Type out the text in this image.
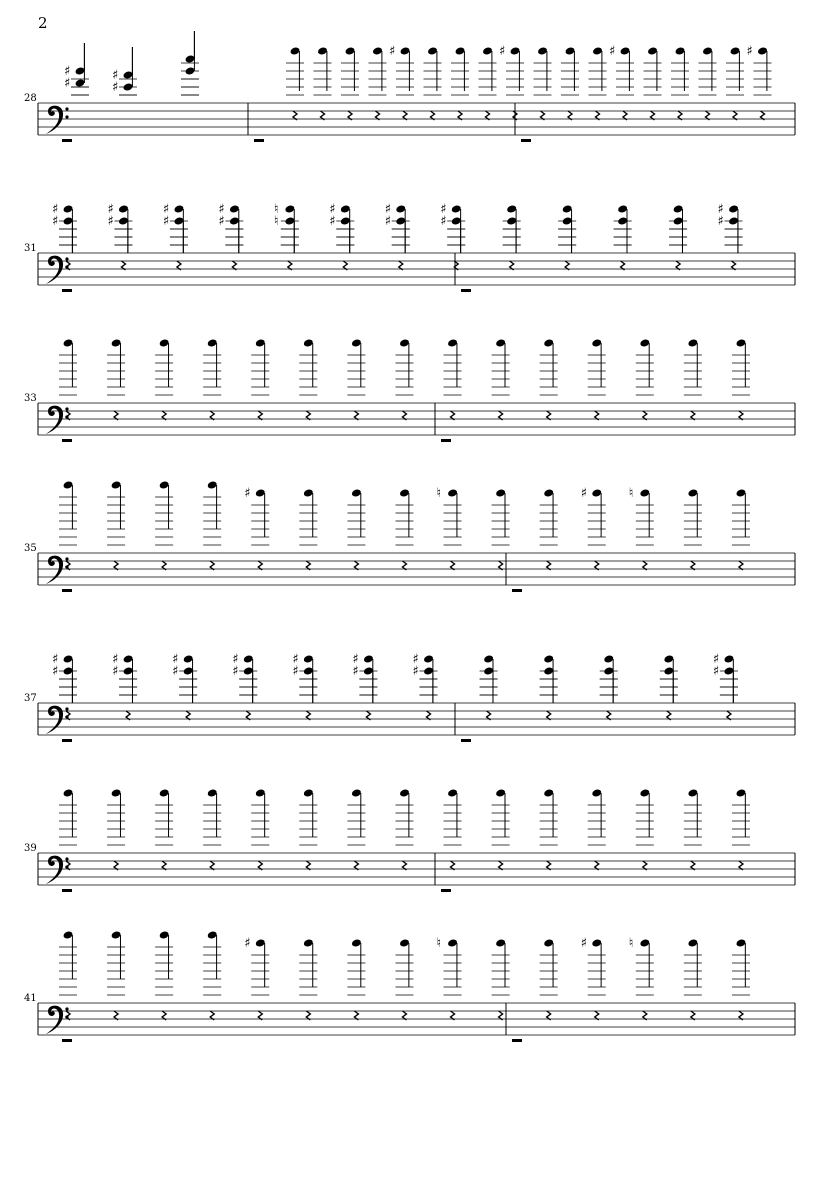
2
28
♯
♯
♯
♯
♯	♯	♯	♯
31
♯
♯
♯
♯
♯
♯
♯
♯
♮
♮
♯
♯
♯
♯
♯
♯
♯
♯
33
35
♯	♮	♯	♮
37
♯
♯
♯
♯
♯
♯
♯
♯
♯
♯
♯
♯
♯
♯
♯
♯
39
41
♯	♮	♯	♮
